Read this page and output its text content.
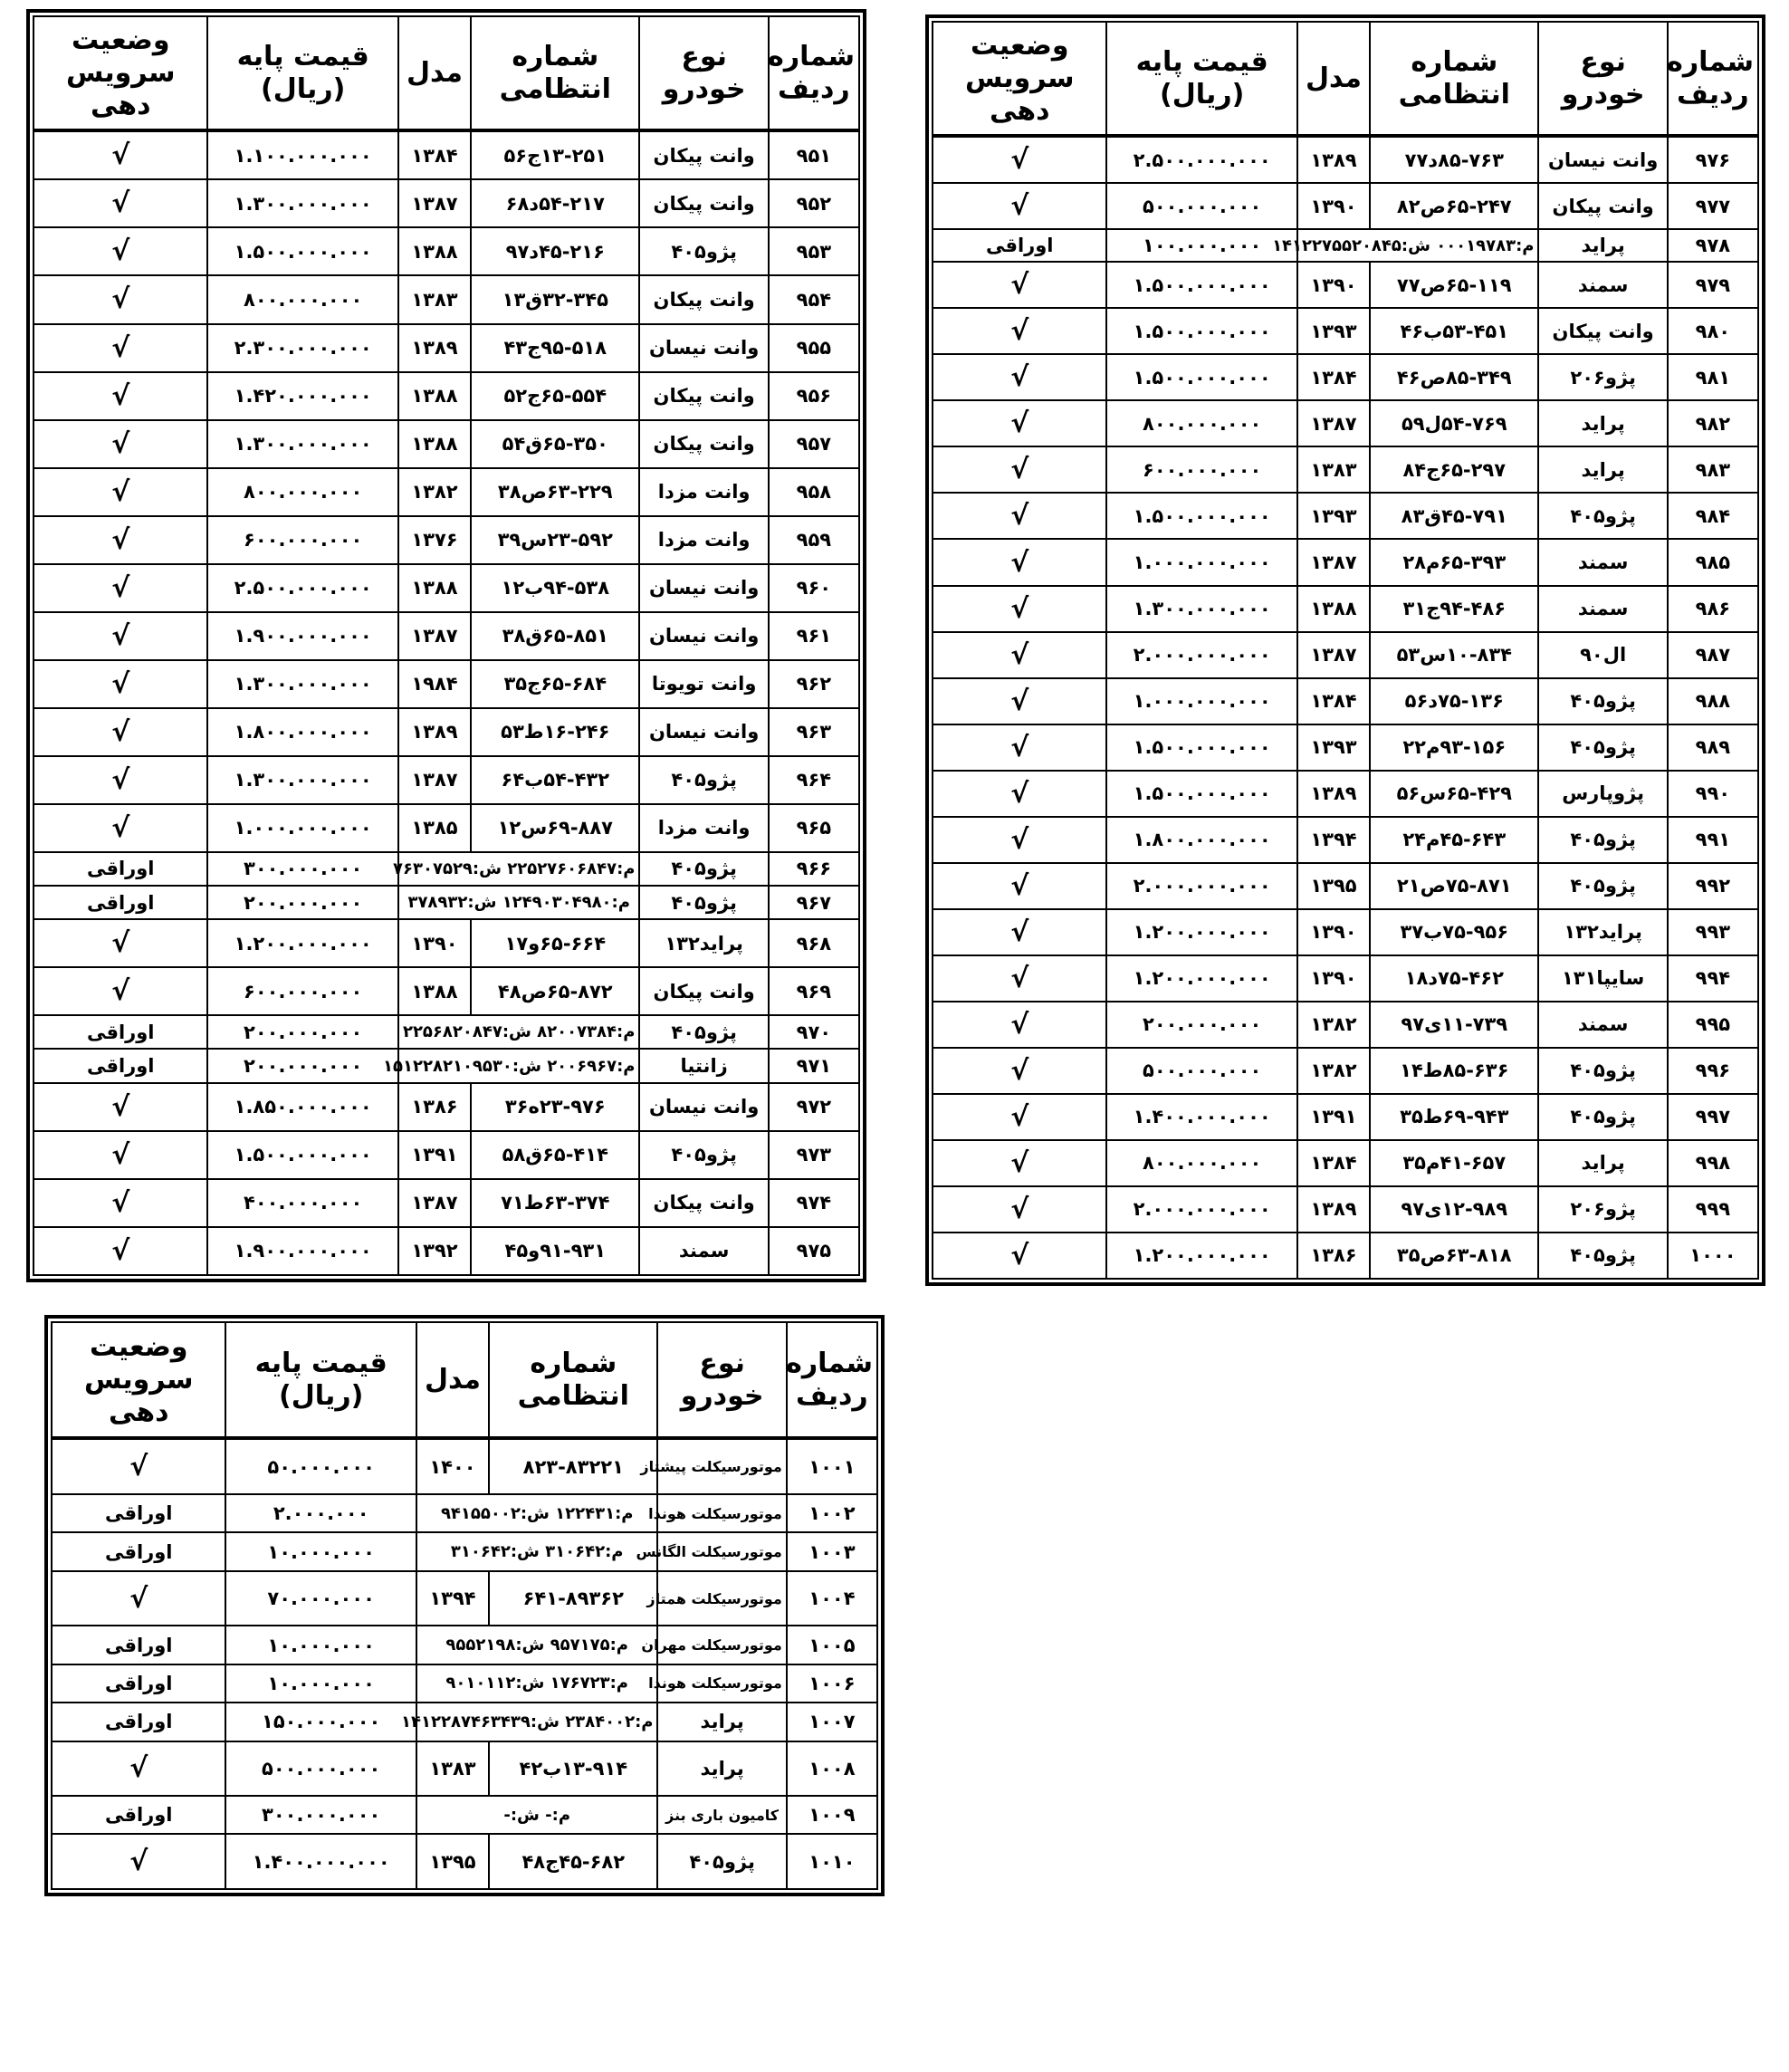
شماره ردیف	نوع خودرو	شماره انتظامی	مدل	قیمت پایه (ریال)	وضعیت سرویس دهی
۹۵۱	وانت پیکان	۱۳-۲۵۱ج۵۶	۱۳۸۴	۱.۱۰۰.۰۰۰.۰۰۰	√
۹۵۲	وانت پیکان	۵۴-۲۱۷د۶۸	۱۳۸۷	۱.۳۰۰.۰۰۰.۰۰۰	√
۹۵۳	پژو۴۰۵	۴۵-۲۱۶د۹۷	۱۳۸۸	۱.۵۰۰.۰۰۰.۰۰۰	√
۹۵۴	وانت پیکان	۳۲-۳۴۵ق۱۳	۱۳۸۳	۸۰۰.۰۰۰.۰۰۰	√
۹۵۵	وانت نیسان	۹۵-۵۱۸ج۴۳	۱۳۸۹	۲.۳۰۰.۰۰۰.۰۰۰	√
۹۵۶	وانت پیکان	۶۵-۵۵۴ج۵۲	۱۳۸۸	۱.۴۲۰.۰۰۰.۰۰۰	√
۹۵۷	وانت پیکان	۶۵-۳۵۰ق۵۴	۱۳۸۸	۱.۳۰۰.۰۰۰.۰۰۰	√
۹۵۸	وانت مزدا	۶۳-۲۲۹ص۳۸	۱۳۸۲	۸۰۰.۰۰۰.۰۰۰	√
۹۵۹	وانت مزدا	۲۳-۵۹۲س۳۹	۱۳۷۶	۶۰۰.۰۰۰.۰۰۰	√
۹۶۰	وانت نیسان	۹۴-۵۳۸ب۱۲	۱۳۸۸	۲.۵۰۰.۰۰۰.۰۰۰	√
۹۶۱	وانت نیسان	۶۵-۸۵۱ق۳۸	۱۳۸۷	۱.۹۰۰.۰۰۰.۰۰۰	√
۹۶۲	وانت تویوتا	۶۵-۶۸۴ج۳۵	۱۹۸۴	۱.۳۰۰.۰۰۰.۰۰۰	√
۹۶۳	وانت نیسان	۱۶-۲۴۶ط۵۳	۱۳۸۹	۱.۸۰۰.۰۰۰.۰۰۰	√
۹۶۴	پژو۴۰۵	۵۴-۴۳۲ب۶۴	۱۳۸۷	۱.۳۰۰.۰۰۰.۰۰۰	√
۹۶۵	وانت مزدا	۶۹-۸۸۷س۱۲	۱۳۸۵	۱.۰۰۰.۰۰۰.۰۰۰	√
۹۶۶	پژو۴۰۵	م:۲۲۵۲۷۶۰۶۸۴۷ ش:۷۶۳۰۷۵۲۹		۳۰۰.۰۰۰.۰۰۰	اوراقی
۹۶۷	پژو۴۰۵	م:۱۲۴۹۰۳۰۴۹۸۰ ش:۳۷۸۹۳۲		۲۰۰.۰۰۰.۰۰۰	اوراقی
۹۶۸	پراید۱۳۲	۶۵-۶۶۴و۱۷	۱۳۹۰	۱.۲۰۰.۰۰۰.۰۰۰	√
۹۶۹	وانت پیکان	۶۵-۸۷۲ص۴۸	۱۳۸۸	۶۰۰.۰۰۰.۰۰۰	√
۹۷۰	پژو۴۰۵	م:۸۲۰۰۷۳۸۴ ش:۲۲۵۶۸۲۰۸۴۷		۲۰۰.۰۰۰.۰۰۰	اوراقی
۹۷۱	زانتیا	م:۲۰۰۶۹۶۷ ش:۱۵۱۲۲۸۲۱۰۹۵۳۰		۲۰۰.۰۰۰.۰۰۰	اوراقی
۹۷۲	وانت نیسان	۲۳-۹۷۶ه۳۶	۱۳۸۶	۱.۸۵۰.۰۰۰.۰۰۰	√
۹۷۳	پژو۴۰۵	۶۵-۴۱۴ق۵۸	۱۳۹۱	۱.۵۰۰.۰۰۰.۰۰۰	√
۹۷۴	وانت پیکان	۶۳-۳۷۴ط۷۱	۱۳۸۷	۴۰۰.۰۰۰.۰۰۰	√
۹۷۵	سمند	۹۱-۹۳۱و۴۵	۱۳۹۲	۱.۹۰۰.۰۰۰.۰۰۰	√
شماره ردیف	نوع خودرو	شماره انتظامی	مدل	قیمت پایه (ریال)	وضعیت سرویس دهی
۹۷۶	وانت نیسان	۸۵-۷۶۳د۷۷	۱۳۸۹	۲.۵۰۰.۰۰۰.۰۰۰	√
۹۷۷	وانت پیکان	۶۵-۲۴۷ص۸۲	۱۳۹۰	۵۰۰.۰۰۰.۰۰۰	√
۹۷۸	پراید	م:۰۰۰۱۹۷۸۳ ش:۱۴۱۲۲۷۵۵۲۰۸۴۵		۱۰۰.۰۰۰.۰۰۰	اوراقی
۹۷۹	سمند	۶۵-۱۱۹ص۷۷	۱۳۹۰	۱.۵۰۰.۰۰۰.۰۰۰	√
۹۸۰	وانت پیکان	۵۳-۴۵۱ب۴۶	۱۳۹۳	۱.۵۰۰.۰۰۰.۰۰۰	√
۹۸۱	پژو۲۰۶	۸۵-۳۴۹ص۴۶	۱۳۸۴	۱.۵۰۰.۰۰۰.۰۰۰	√
۹۸۲	پراید	۵۴-۷۶۹ل۵۹	۱۳۸۷	۸۰۰.۰۰۰.۰۰۰	√
۹۸۳	پراید	۶۵-۲۹۷ج۸۴	۱۳۸۳	۶۰۰.۰۰۰.۰۰۰	√
۹۸۴	پژو۴۰۵	۴۵-۷۹۱ق۸۳	۱۳۹۳	۱.۵۰۰.۰۰۰.۰۰۰	√
۹۸۵	سمند	۶۵-۳۹۳م۲۸	۱۳۸۷	۱.۰۰۰.۰۰۰.۰۰۰	√
۹۸۶	سمند	۹۴-۴۸۶ج۳۱	۱۳۸۸	۱.۳۰۰.۰۰۰.۰۰۰	√
۹۸۷	ال۹۰	۱۰-۸۳۴س۵۳	۱۳۸۷	۲.۰۰۰.۰۰۰.۰۰۰	√
۹۸۸	پژو۴۰۵	۷۵-۱۳۶د۵۶	۱۳۸۴	۱.۰۰۰.۰۰۰.۰۰۰	√
۹۸۹	پژو۴۰۵	۹۳-۱۵۶م۲۲	۱۳۹۳	۱.۵۰۰.۰۰۰.۰۰۰	√
۹۹۰	پژوپارس	۶۵-۴۲۹س۵۶	۱۳۸۹	۱.۵۰۰.۰۰۰.۰۰۰	√
۹۹۱	پژو۴۰۵	۴۵-۶۴۳م۲۴	۱۳۹۴	۱.۸۰۰.۰۰۰.۰۰۰	√
۹۹۲	پژو۴۰۵	۷۵-۸۷۱ص۲۱	۱۳۹۵	۲.۰۰۰.۰۰۰.۰۰۰	√
۹۹۳	پراید۱۳۲	۷۵-۹۵۶ب۳۷	۱۳۹۰	۱.۲۰۰.۰۰۰.۰۰۰	√
۹۹۴	سایپا۱۳۱	۷۵-۴۶۲د۱۸	۱۳۹۰	۱.۲۰۰.۰۰۰.۰۰۰	√
۹۹۵	سمند	۱۱-۷۳۹ی۹۷	۱۳۸۲	۲۰۰.۰۰۰.۰۰۰	√
۹۹۶	پژو۴۰۵	۸۵-۶۳۶ط۱۴	۱۳۸۲	۵۰۰.۰۰۰.۰۰۰	√
۹۹۷	پژو۴۰۵	۶۹-۹۴۳ط۳۵	۱۳۹۱	۱.۴۰۰.۰۰۰.۰۰۰	√
۹۹۸	پراید	۴۱-۶۵۷م۳۵	۱۳۸۴	۸۰۰.۰۰۰.۰۰۰	√
۹۹۹	پژو۲۰۶	۱۲-۹۸۹ی۹۷	۱۳۸۹	۲.۰۰۰.۰۰۰.۰۰۰	√
۱۰۰۰	پژو۴۰۵	۶۳-۸۱۸ص۳۵	۱۳۸۶	۱.۲۰۰.۰۰۰.۰۰۰	√
شماره ردیف	نوع خودرو	شماره انتظامی	مدل	قیمت پایه (ریال)	وضعیت سرویس دهی
۱۰۰۱	موتورسیکلت پیشتاز	۸۲۳-۸۳۲۲۱	۱۴۰۰	۵۰.۰۰۰.۰۰۰	√
۱۰۰۲	موتورسیکلت هوندا	م:۱۲۲۴۳۱ ش:۹۴۱۵۵۰۰۲		۲.۰۰۰.۰۰۰	اوراقی
۱۰۰۳	موتورسیکلت الگانس	م:۳۱۰۶۴۲ ش:۳۱۰۶۴۲		۱۰.۰۰۰.۰۰۰	اوراقی
۱۰۰۴	موتورسیکلت همتاز	۶۴۱-۸۹۳۶۲	۱۳۹۴	۷۰.۰۰۰.۰۰۰	√
۱۰۰۵	موتورسیکلت مهران	م:۹۵۷۱۷۵ ش:۹۵۵۲۱۹۸		۱۰.۰۰۰.۰۰۰	اوراقی
۱۰۰۶	موتورسیکلت هوندا	م:۱۷۶۷۲۳ ش:۹۰۱۰۱۱۲		۱۰.۰۰۰.۰۰۰	اوراقی
۱۰۰۷	پراید	م:۲۳۸۴۰۰۲ ش:۱۴۱۲۲۸۷۴۶۳۴۳۹		۱۵۰.۰۰۰.۰۰۰	اوراقی
۱۰۰۸	پراید	۱۳-۹۱۴ب۴۲	۱۳۸۳	۵۰۰.۰۰۰.۰۰۰	√
۱۰۰۹	کامیون باری بنز	م:- ش:-		۳۰۰.۰۰۰.۰۰۰	اوراقی
۱۰۱۰	پژو۴۰۵	۴۵-۶۸۲ج۴۸	۱۳۹۵	۱.۴۰۰.۰۰۰.۰۰۰	√
